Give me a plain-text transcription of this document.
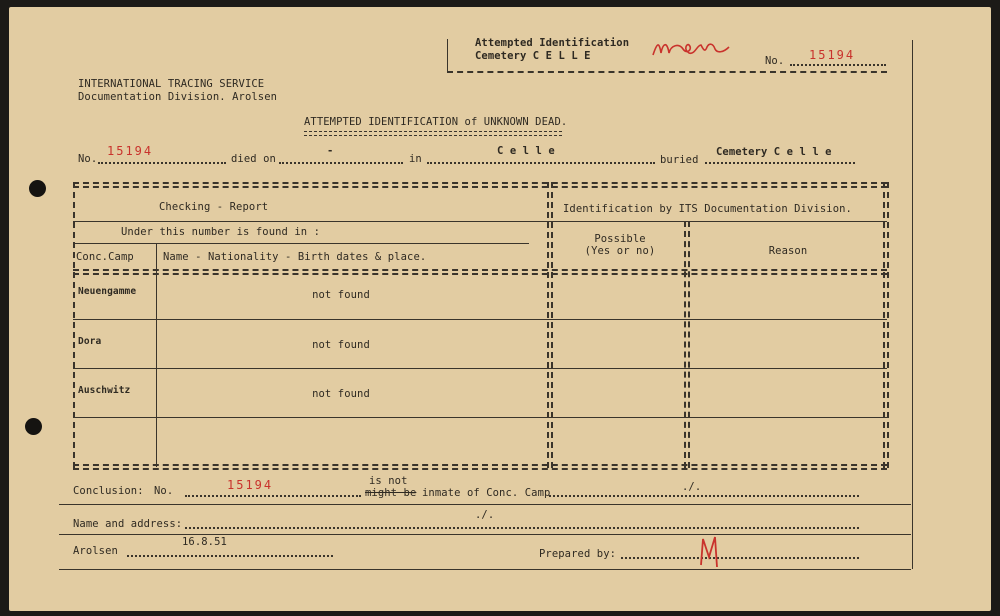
Attempted Identification
Cemetery C E L L E	No. 15194
INTERNATIONAL TRACING SERVICE
Documentation Division. Arolsen
ATTEMPTED IDENTIFICATION of UNKNOWN DEAD.
No.
15194
died on
-
in
C e l l e
buried
Cemetery C e l l e
Checking - Report	Identification by ITS Documentation Division.
Under this number is found in :
Conc.Camp	Name - Nationality - Birth dates & place.
Possible
(Yes or no)	Reason
Neuengamme	not found
Dora	not found
Auschwitz	not found
Conclusion: No.	15194	is not
might be inmate of Conc. Camp	./.
Name and address:
./.
Arolsen
16.8.51
Prepared by:
